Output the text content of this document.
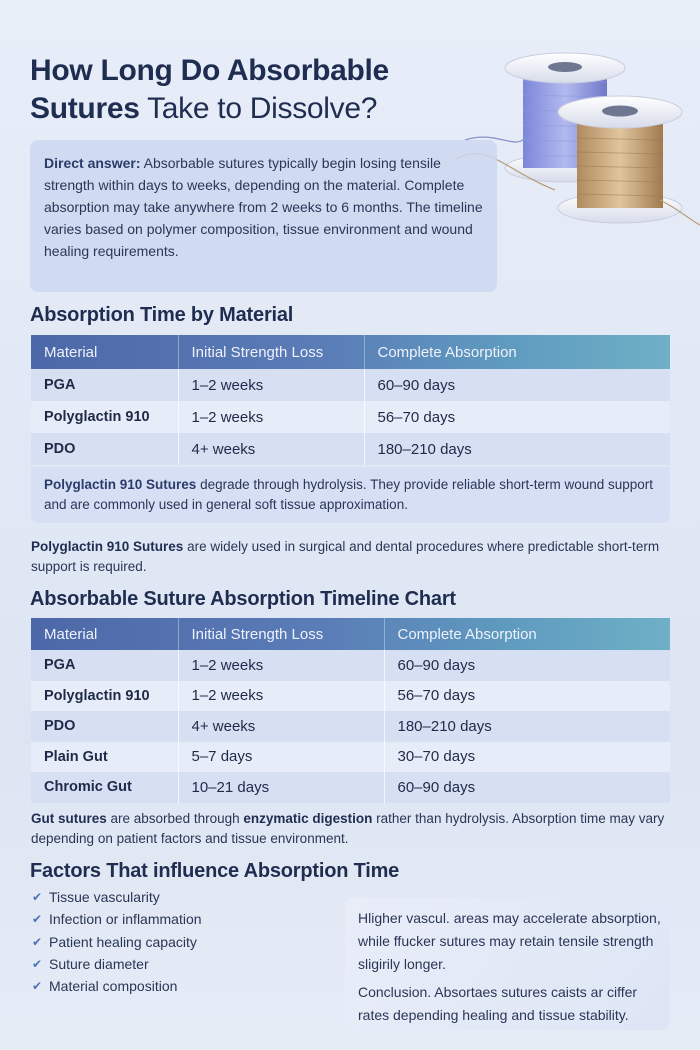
How Long Do Absorbable
Sutures Take to Dissolve?
Direct answer: Absorbable sutures typically begin losing tensile strength within days to weeks, depending on the material. Complete absorption may take anywhere from 2 weeks to 6 months. The timeline varies based on polymer composition, tissue environment and wound healing requirements.
Absorption Time by Material
Material	Initial Strength Loss	Complete Absorption
PGA	1–2 weeks	60–90 days
Polyglactin 910	1–2 weeks	56–70 days
PDO	4+ weeks	180–210 days
Polyglactin 910 Sutures degrade through hydrolysis. They provide reliable short-term wound support and are commonly used in general soft tissue approximation.

Polyglactin 910 Sutures are widely used in surgical and dental procedures where predictable short-term support is required.

Absorbable Suture Absorption Timeline Chart
Material	Initial Strength Loss	Complete Absorption
PGA	1–2 weeks	60–90 days
Polyglactin 910	1–2 weeks	56–70 days
PDO	4+ weeks	180–210 days
Plain Gut	5–7 days	30–70 days
Chromic Gut	10–21 days	60–90 days

Gut sutures are absorbed through enzymatic digestion rather than hydrolysis. Absorption time may vary depending on patient factors and tissue environment.

Factors That influence Absorption Time
✔ Tissue vascularity
✔ Infection or inflammation
✔ Patient healing capacity
✔ Suture diameter
✔ Material composition

Hligher vascul. areas may accelerate absorption, while ffucker sutures may retain tensile strength sligirily longer.

Conclusion. Absortaes sutures caists ar ciffer rates depending healing and tissue stability.
